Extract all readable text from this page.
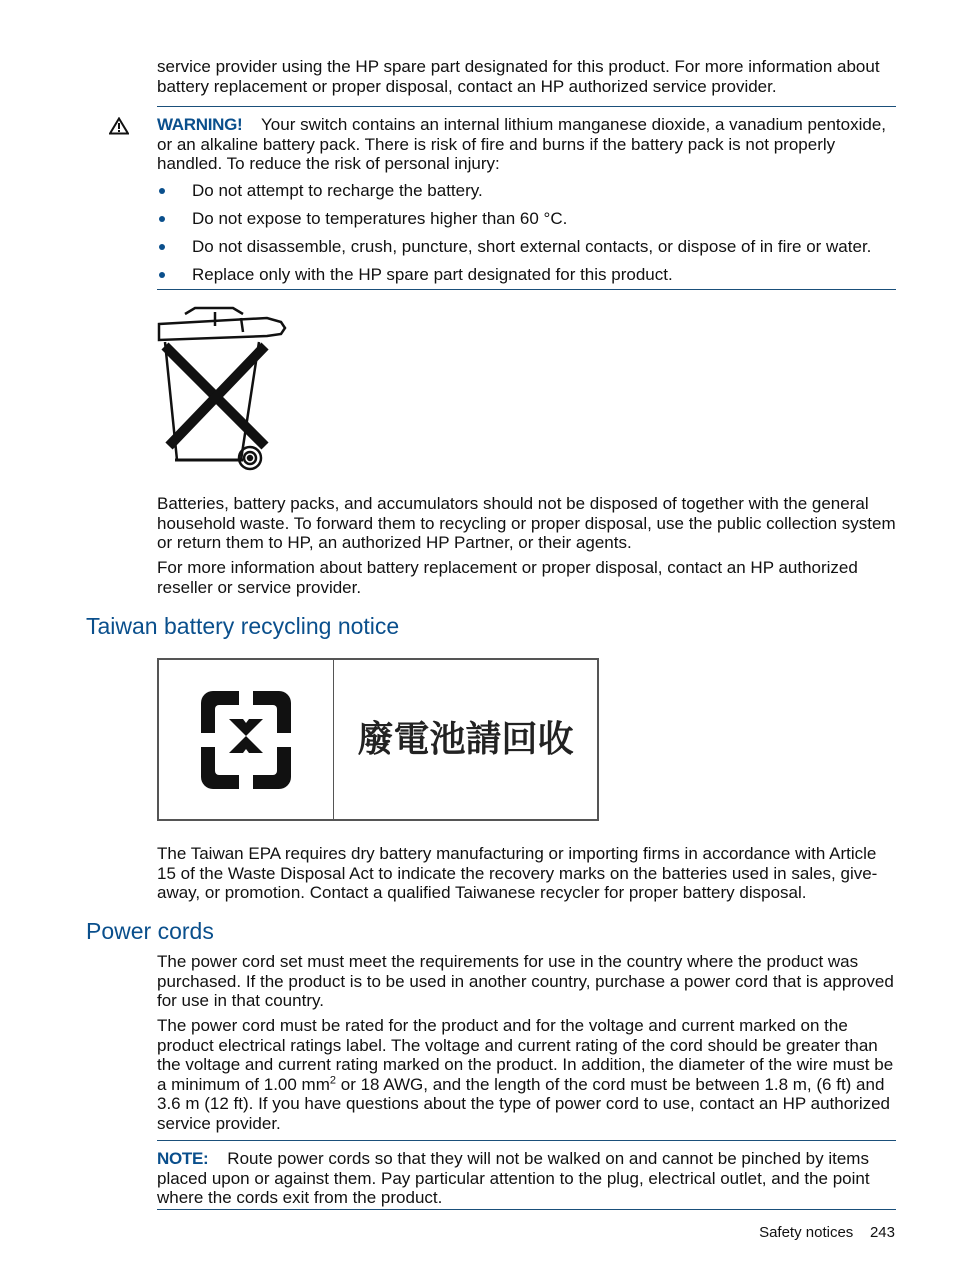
service provider using the HP spare part designated for this product. For more information about battery replacement or proper disposal, contact an HP authorized service provider.

WARNING! Your switch contains an internal lithium manganese dioxide, a vanadium pentoxide, or an alkaline battery pack. There is risk of fire and burns if the battery pack is not properly handled. To reduce the risk of personal injury:

Do not attempt to recharge the battery.
Do not expose to temperatures higher than 60 °C.
Do not disassemble, crush, puncture, short external contacts, or dispose of in fire or water.
Replace only with the HP spare part designated for this product.

Batteries, battery packs, and accumulators should not be disposed of together with the general household waste. To forward them to recycling or proper disposal, use the public collection system or return them to HP, an authorized HP Partner, or their agents.

For more information about battery replacement or proper disposal, contact an HP authorized reseller or service provider.

Taiwan battery recycling notice
廢電池請回收

The Taiwan EPA requires dry battery manufacturing or importing firms in accordance with Article 15 of the Waste Disposal Act to indicate the recovery marks on the batteries used in sales, give-away, or promotion. Contact a qualified Taiwanese recycler for proper battery disposal.

Power cords

The power cord set must meet the requirements for use in the country where the product was purchased. If the product is to be used in another country, purchase a power cord that is approved for use in that country.

The power cord must be rated for the product and for the voltage and current marked on the product electrical ratings label. The voltage and current rating of the cord should be greater than the voltage and current rating marked on the product. In addition, the diameter of the wire must be a minimum of 1.00 $mm^2$ or 18 AWG, and the length of the cord must be between 1.8 m, (6 ft) and 3.6 m (12 ft). If you have questions about the type of power cord to use, contact an HP authorized service provider.

NOTE: Route power cords so that they will not be walked on and cannot be pinched by items placed upon or against them. Pay particular attention to the plug, electrical outlet, and the point where the cords exit from the product.

Safety notices 243
